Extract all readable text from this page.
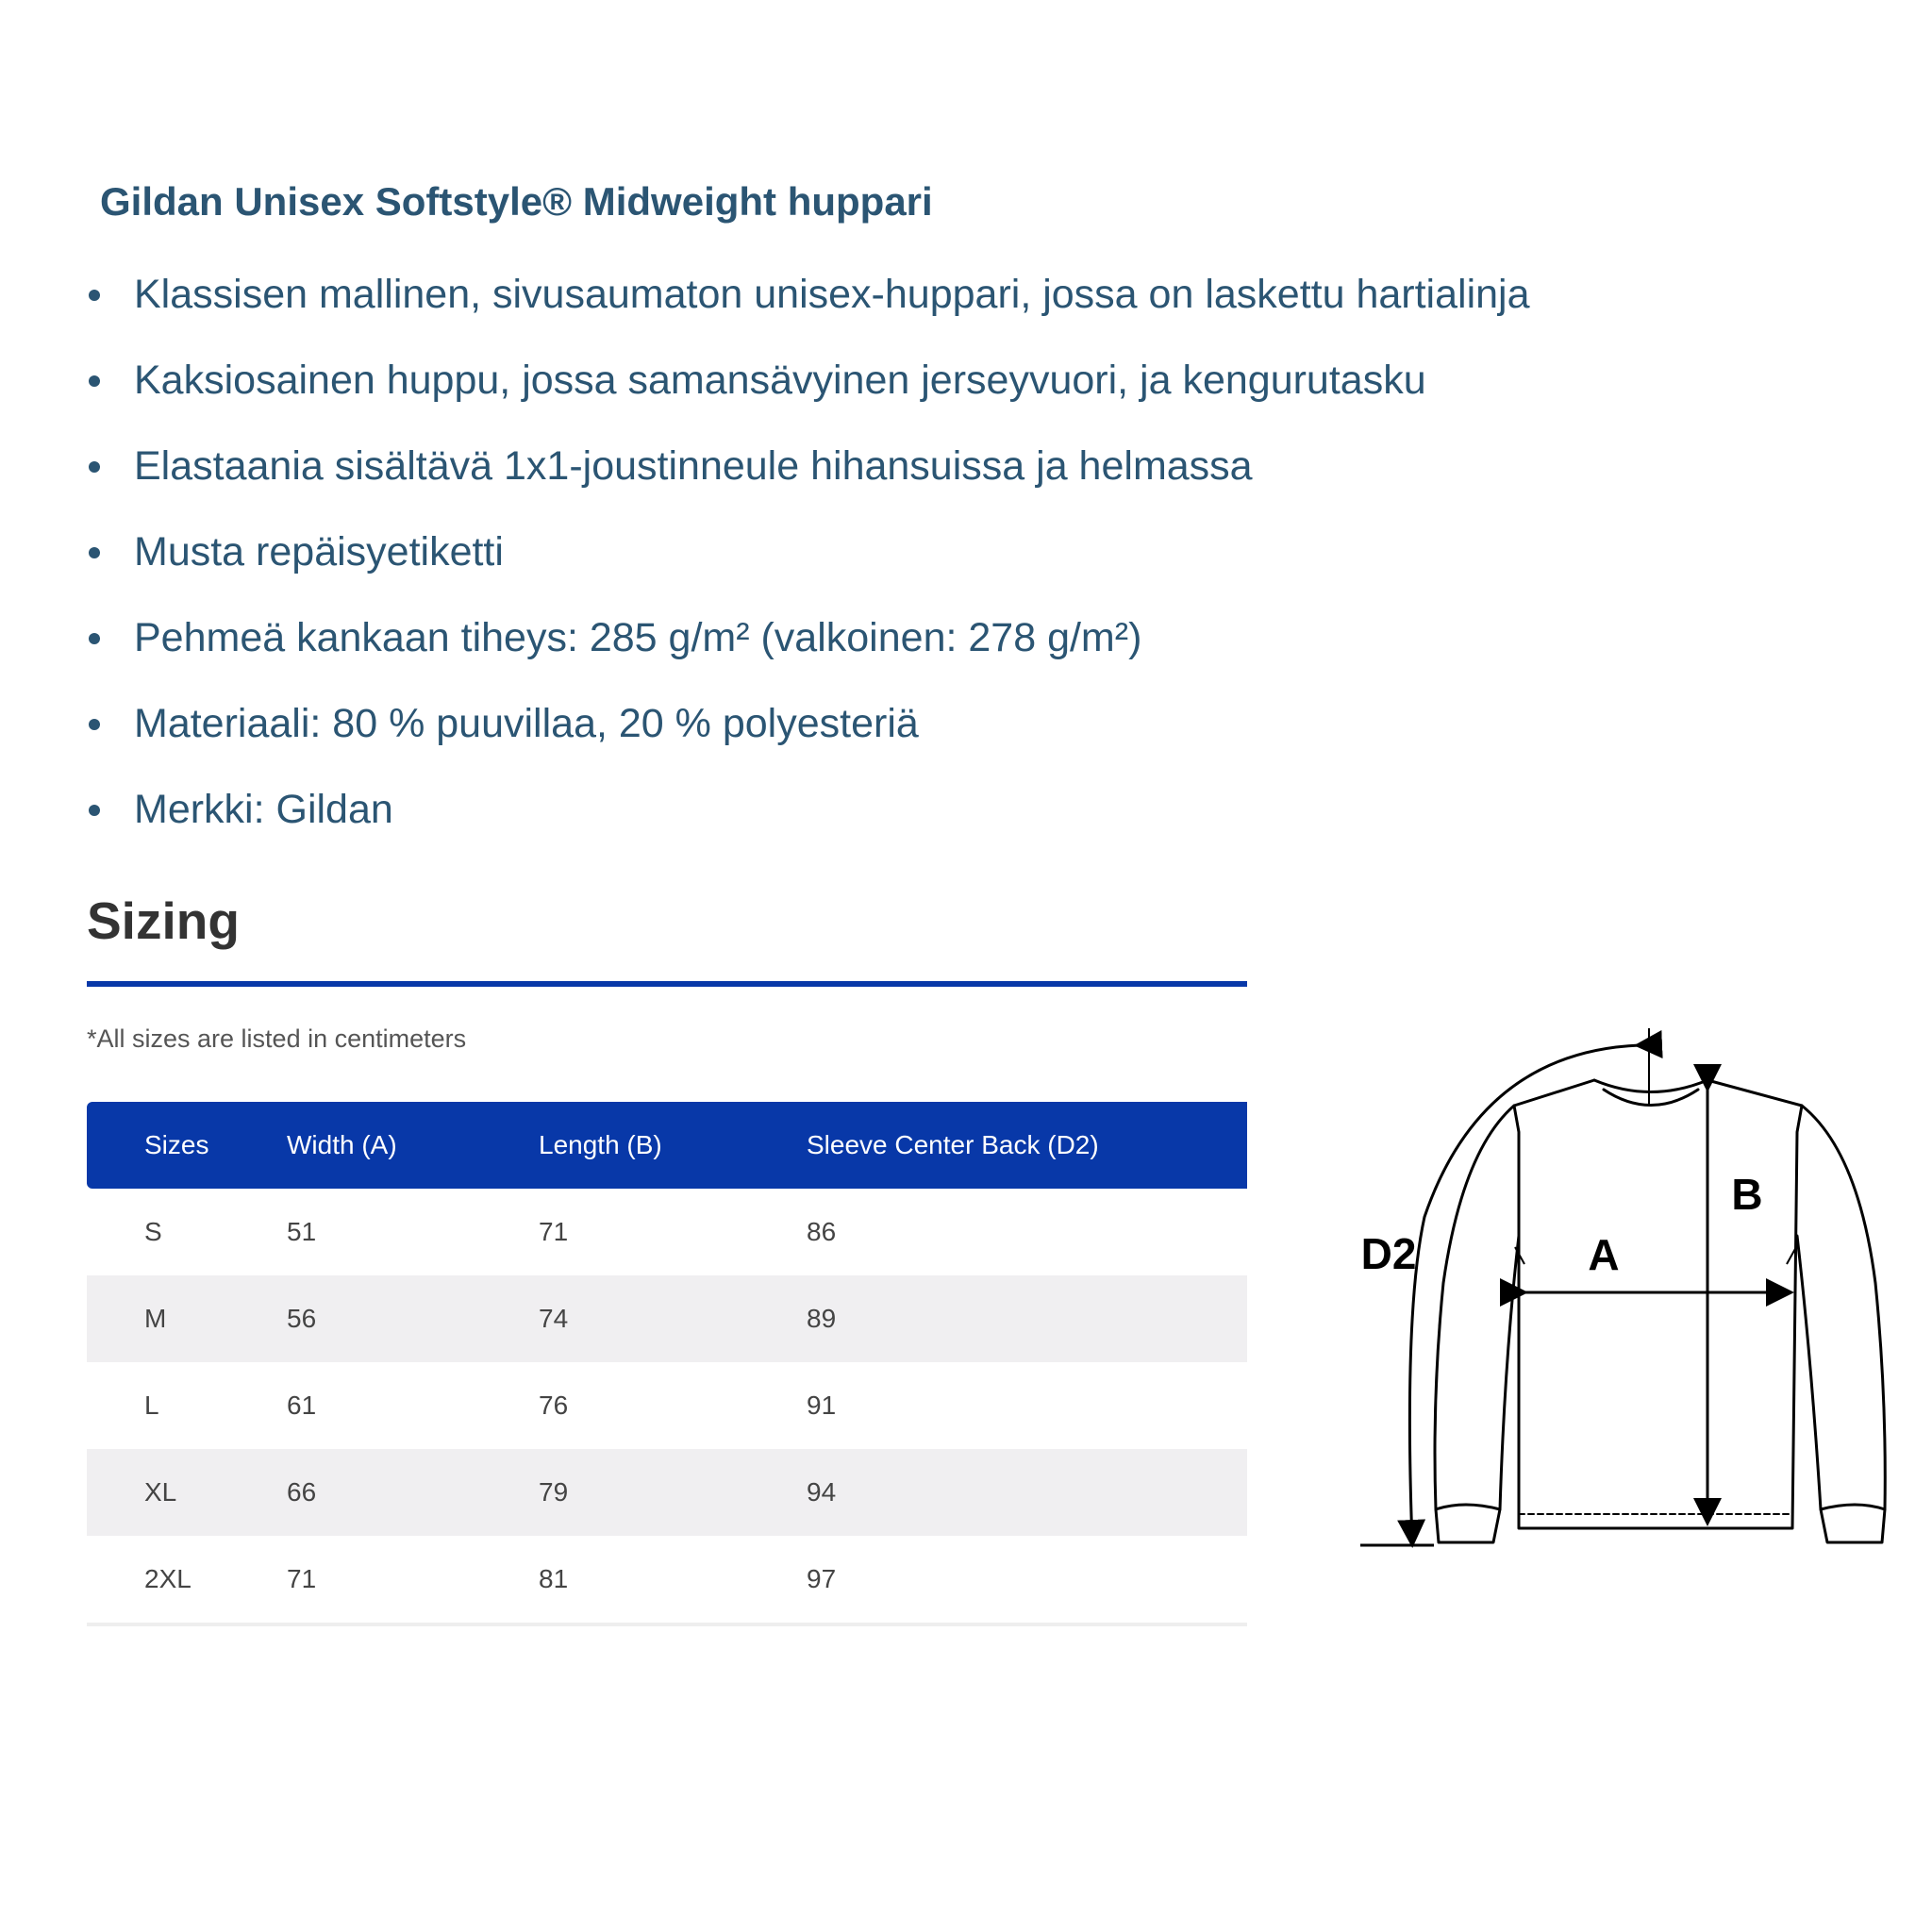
Gildan Unisex Softstyle® Midweight huppari
Klassisen mallinen, sivusaumaton unisex-huppari, jossa on laskettu hartialinja
Kaksiosainen huppu, jossa samansävyinen jerseyvuori, ja kengurutasku
Elastaania sisältävä 1x1-joustinneule hihansuissa ja helmassa
Musta repäisyetiketti
Pehmeä kankaan tiheys: 285 g/m² (valkoinen: 278 g/m²)
Materiaali: 80 % puuvillaa, 20 % polyesteriä
Merkki: Gildan
Sizing
*All sizes are listed in centimeters
Sizes	Width (A)	Length (B)	Sleeve Center Back (D2)
S	51	71	86
M	56	74	89
L	61	76	91
XL	66	79	94
2XL	71	81	97
A
B
D2
